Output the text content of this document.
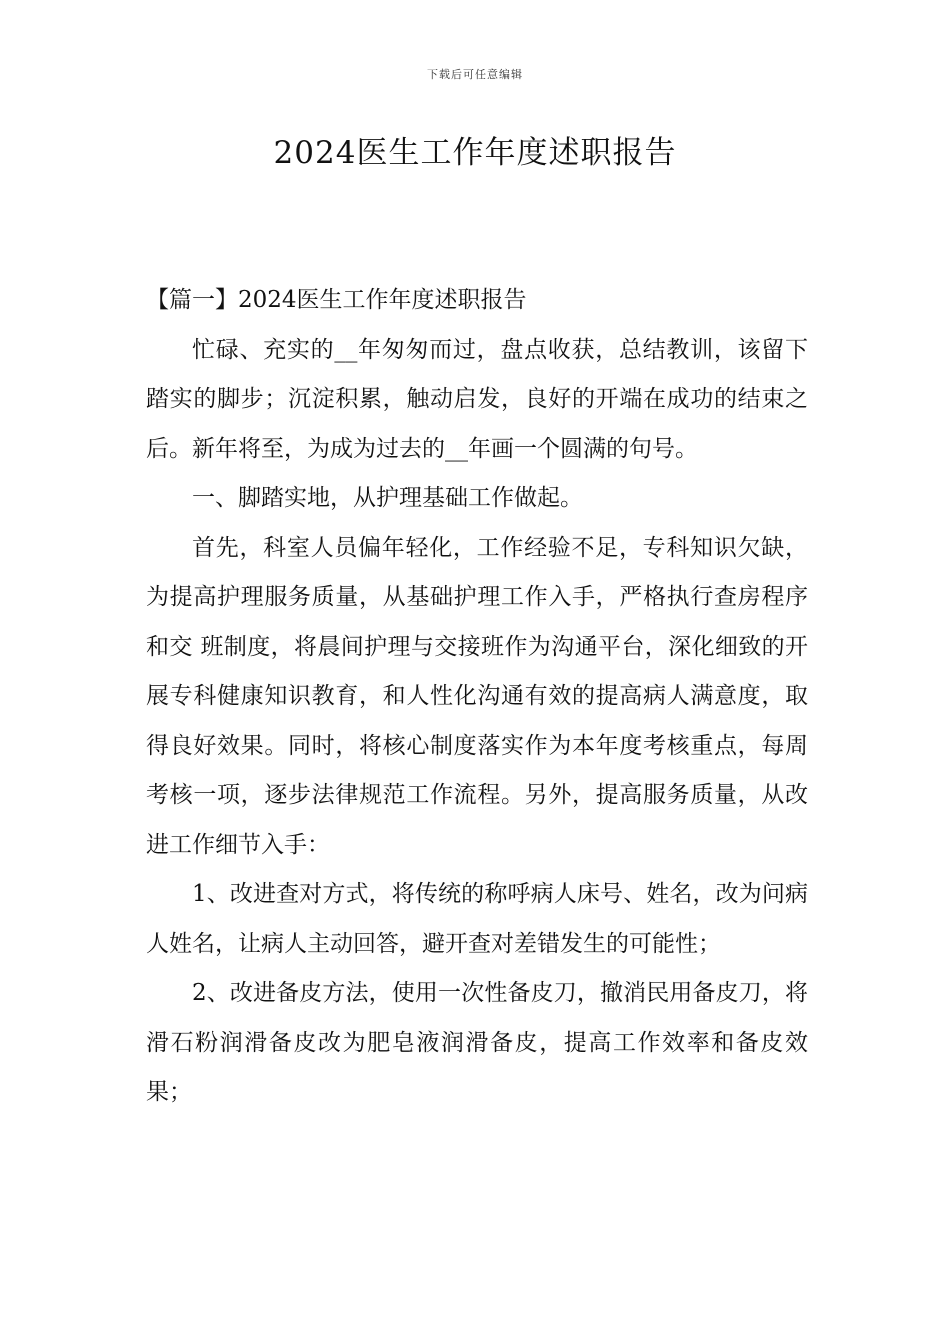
下载后可任意编辑
2024医生工作年度述职报告

【篇一】2024医生工作年度述职报告

忙碌、充实的__年匆匆而过，盘点收获，总结教训，该留下踏实的脚步；沉淀积累，触动启发，良好的开端在成功的结束之后。新年将至，为成为过去的__年画一个圆满的句号。

一、脚踏实地，从护理基础工作做起。

首先，科室人员偏年轻化，工作经验不足，专科知识欠缺，为提高护理服务质量，从基础护理工作入手，严格执行查房程序和交 班制度，将晨间护理与交接班作为沟通平台，深化细致的开展专科健康知识教育，和人性化沟通有效的提高病人满意度，取得良好效果。同时，将核心制度落实作为本年度考核重点，每周考核一项，逐步法律规范工作流程。另外，提高服务质量，从改进工作细节入手：

1、改进查对方式，将传统的称呼病人床号、姓名，改为问病人姓名，让病人主动回答，避开查对差错发生的可能性；

2、改进备皮方法，使用一次性备皮刀，撤消民用备皮刀，将滑石粉润滑备皮改为肥皂液润滑备皮，提高工作效率和备皮效果；
